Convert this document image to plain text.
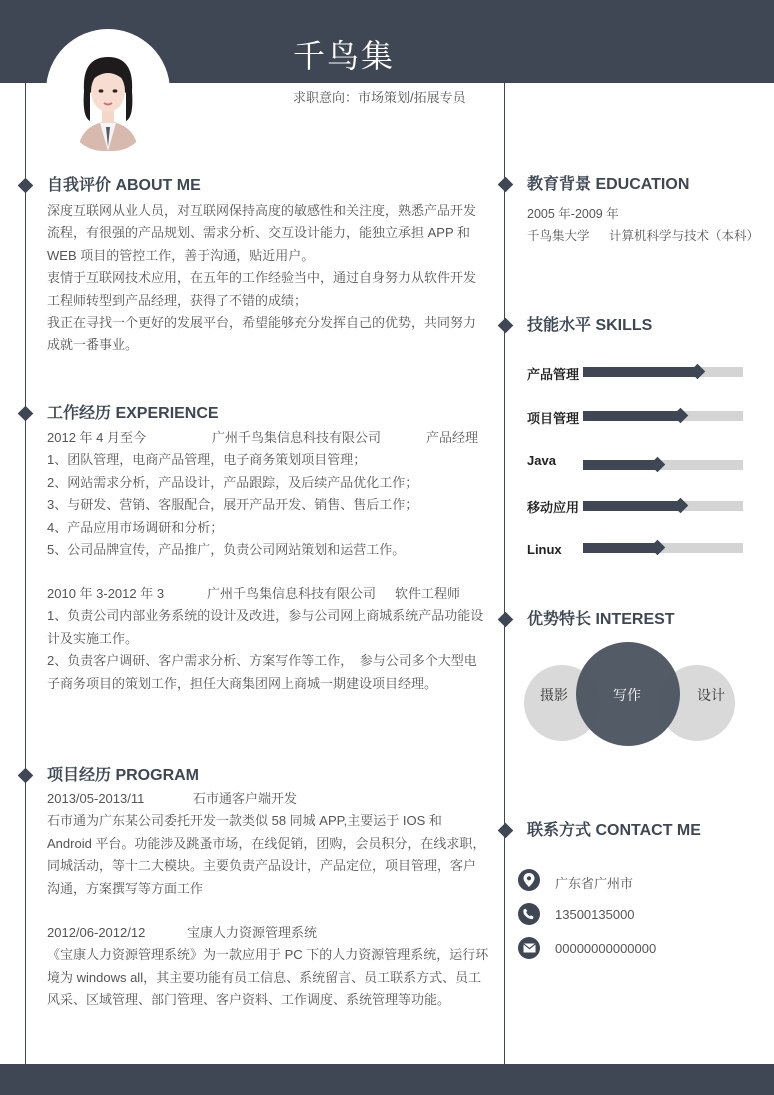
千鸟集
求职意向：市场策划/拓展专员
自我评价 ABOUT ME
深度互联网从业人员，对互联网保持高度的敏感性和关注度，熟悉产品开发
流程，有很强的产品规划、需求分析、交互设计能力，能独立承担 APP 和
WEB 项目的管控工作，善于沟通，贴近用户。
衷情于互联网技术应用，在五年的工作经验当中，通过自身努力从软件开发
工程师转型到产品经理，获得了不错的成绩；
我正在寻找一个更好的发展平台，希望能够充分发挥自己的优势，共同努力
成就一番事业。
工作经历 EXPERIENCE
2012 年 4 月至今	广州千鸟集信息科技有限公司	产品经理
1、团队管理，电商产品管理，电子商务策划项目管理；
2、网站需求分析，产品设计，产品跟踪，及后续产品优化工作；
3、与研发、营销、客服配合，展开产品开发、销售、售后工作；
4、产品应用市场调研和分析；
5、公司品牌宣传，产品推广，负责公司网站策划和运营工作。
2010 年 3-2012 年 3	广州千鸟集信息科技有限公司 软件工程师
1、负责公司内部业务系统的设计及改进，参与公司网上商城系统产品功能设
计及实施工作。
2、负责客户调研、客户需求分析、方案写作等工作，　参与公司多个大型电
子商务项目的策划工作，担任大商集团网上商城一期建设项目经理。
项目经历 PROGRAM
2013/05-2013/11	石市通客户端开发
石市通为广东某公司委托开发一款类似 58 同城 APP,主要运于 IOS 和
Android 平台。功能涉及跳蚤市场，在线促销，团购，会员积分，在线求职，
同城活动，等十二大模块。主要负责产品设计，产品定位，项目管理，客户
沟通，方案撰写等方面工作
2012/06-2012/12	宝康人力资源管理系统
《宝康人力资源管理系统》为一款应用于 PC 下的人力资源管理系统，运行环
境为 windows all，其主要功能有员工信息、系统留言、员工联系方式、员工
风采、区域管理、部门管理、客户资料、工作调度、系统管理等功能。
教育背景 EDUCATION
2005 年-2009 年
千鸟集大学 计算机科学与技术（本科）
技能水平 SKILLS
产品管理
项目管理
Java
移动应用
Linux
优势特长 INTEREST
摄影	写作	设计
联系方式 CONTACT ME
广东省广州市
13500135000
00000000000000
